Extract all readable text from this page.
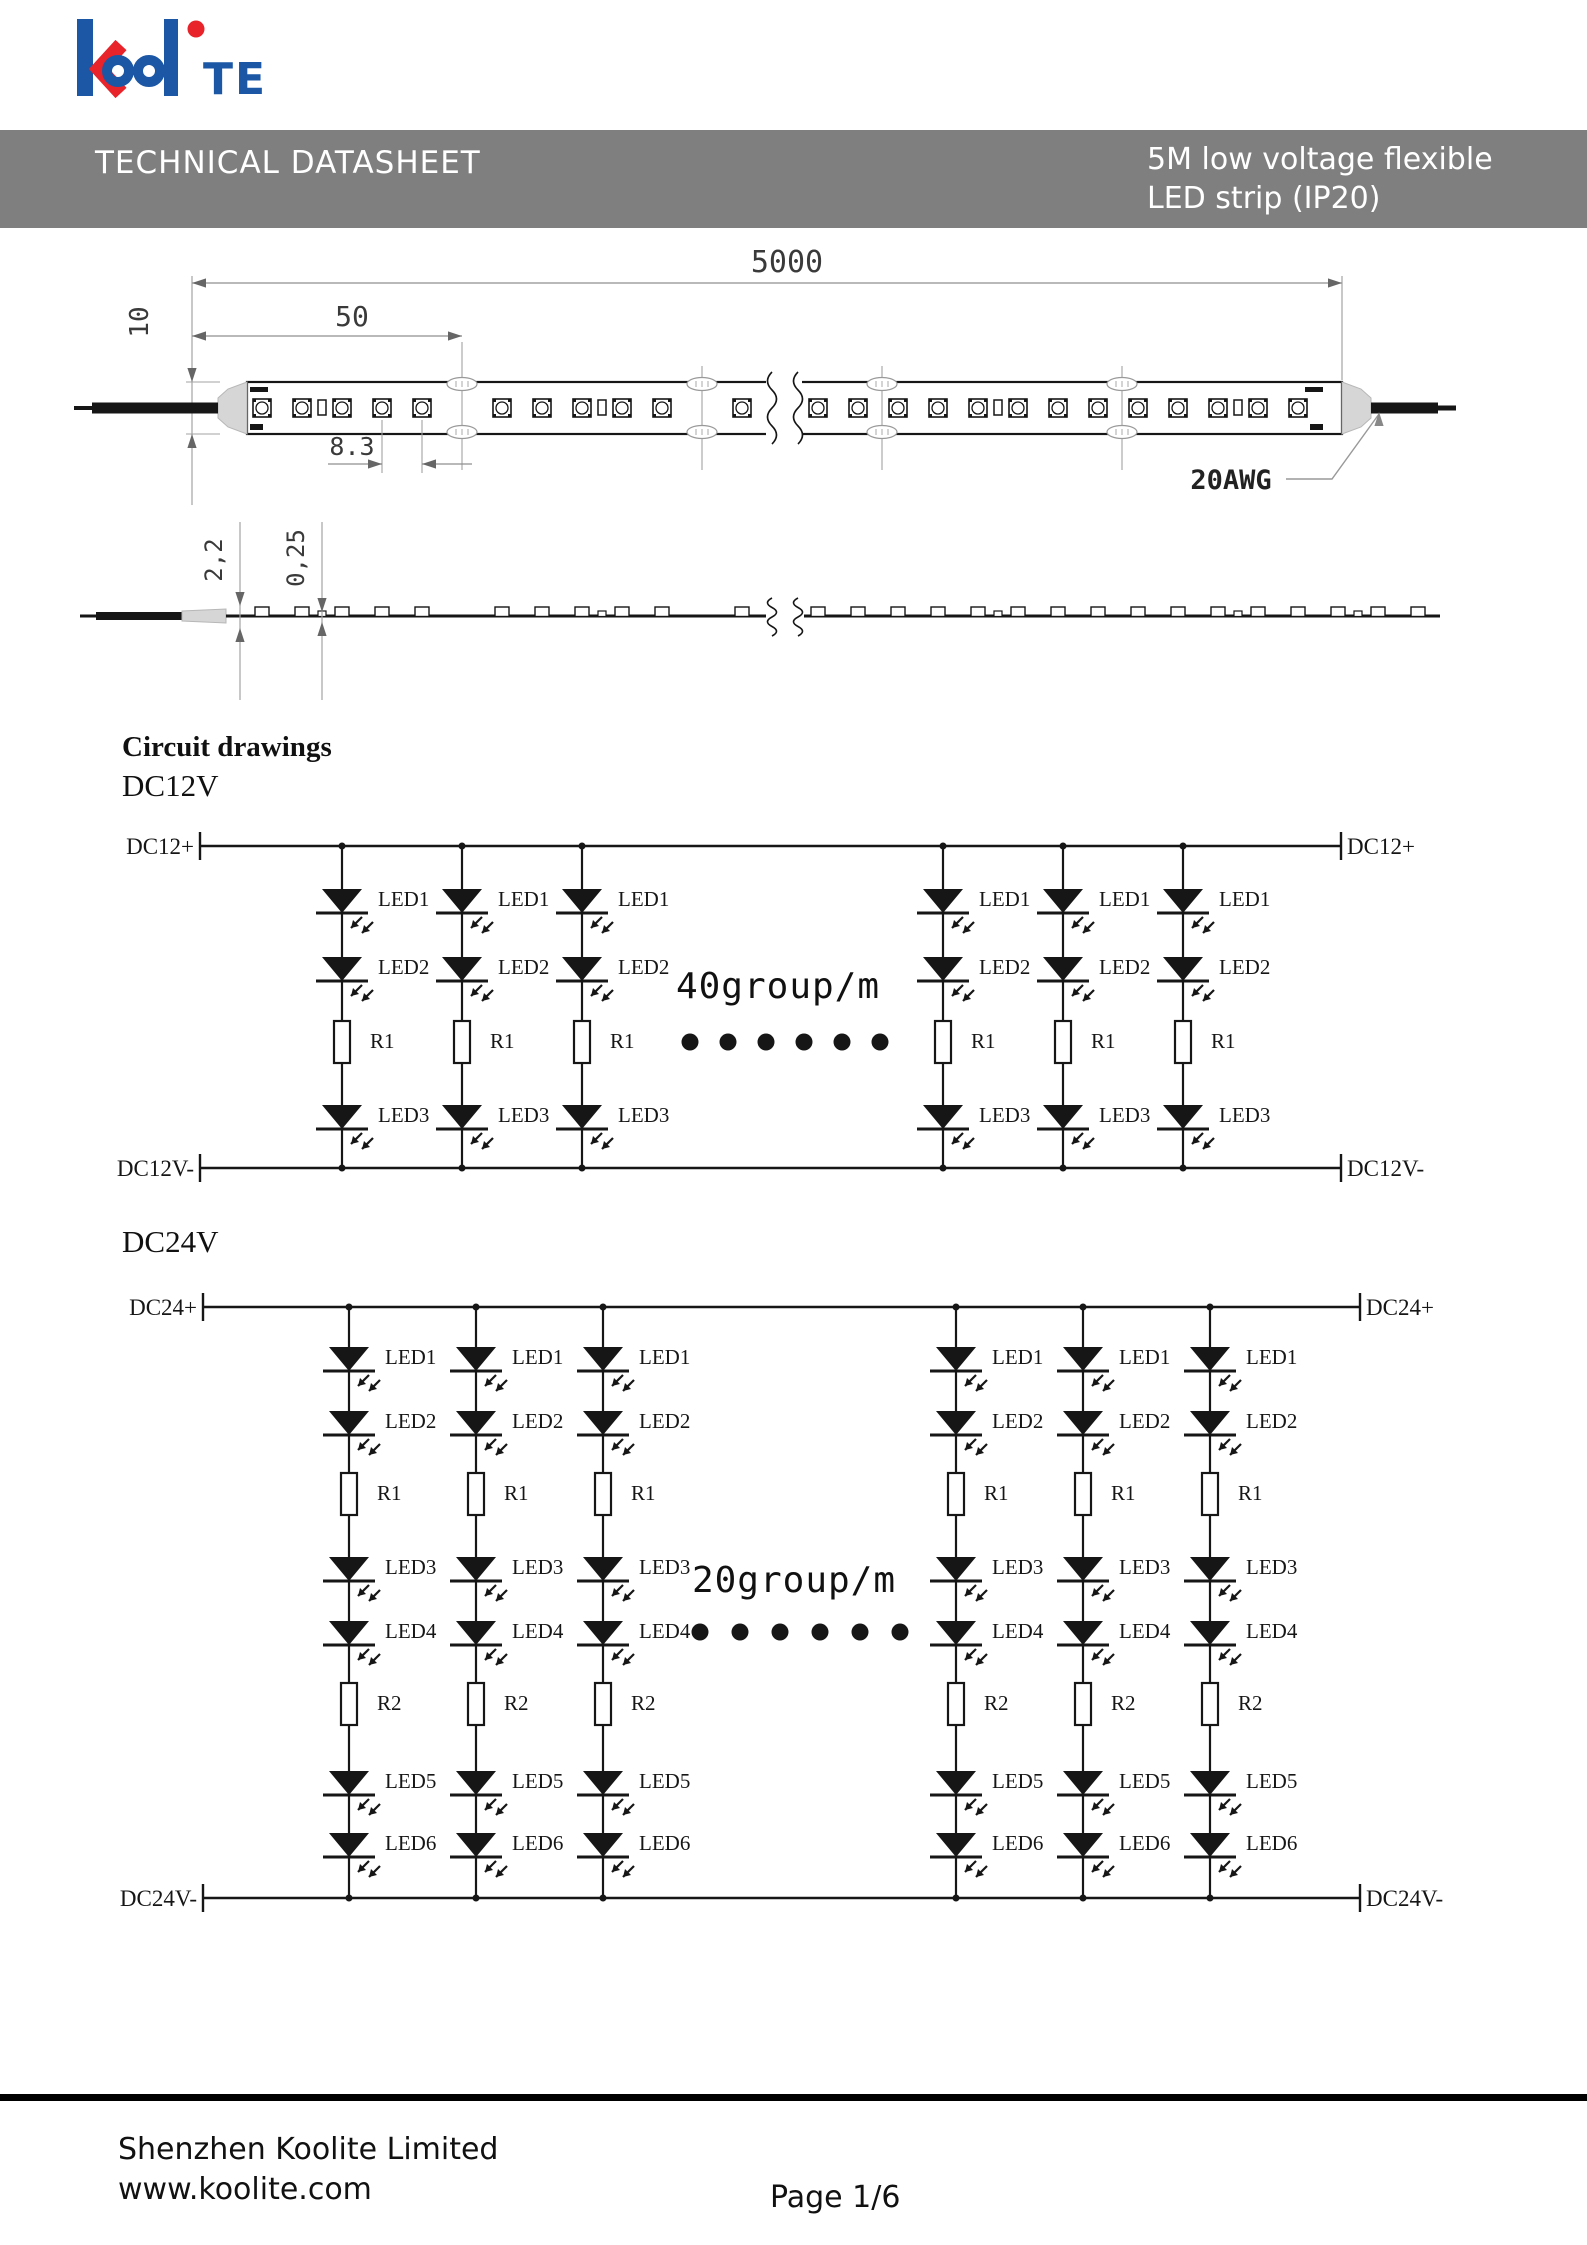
TE
TECHNICAL DATASHEET	5M low voltage flexible
LED strip (IP20)
Circuit drawings
DC12V
DC24V
5000
50
10
8.3
20AWG
2,2 0,25
DC12+	DC12+
DC12V-	DC12V-
LED1
LED2
R1
LED3
LED1
LED2
R1
LED3
LED1
LED2
R1
LED3
LED1
LED2
R1
LED3
LED1
LED2
R1
LED3
LED1
LED2
R1
LED3
40group/m
DC24+	DC24+
DC24V-	DC24V-
LED1
LED2
R1
LED3
LED4
R2
LED5
LED6
LED1
LED2
R1
LED3
LED4
R2
LED5
LED6
LED1
LED2
R1
LED3
LED4
R2
LED5
LED6
LED1
LED2
R1
LED3
LED4
R2
LED5
LED6
LED1
LED2
R1
LED3
LED4
R2
LED5
LED6
LED1
LED2
R1
LED3
LED4
R2
LED5
LED6
20group/m
Shenzhen Koolite Limited
www.koolite.com	Page 1/6
